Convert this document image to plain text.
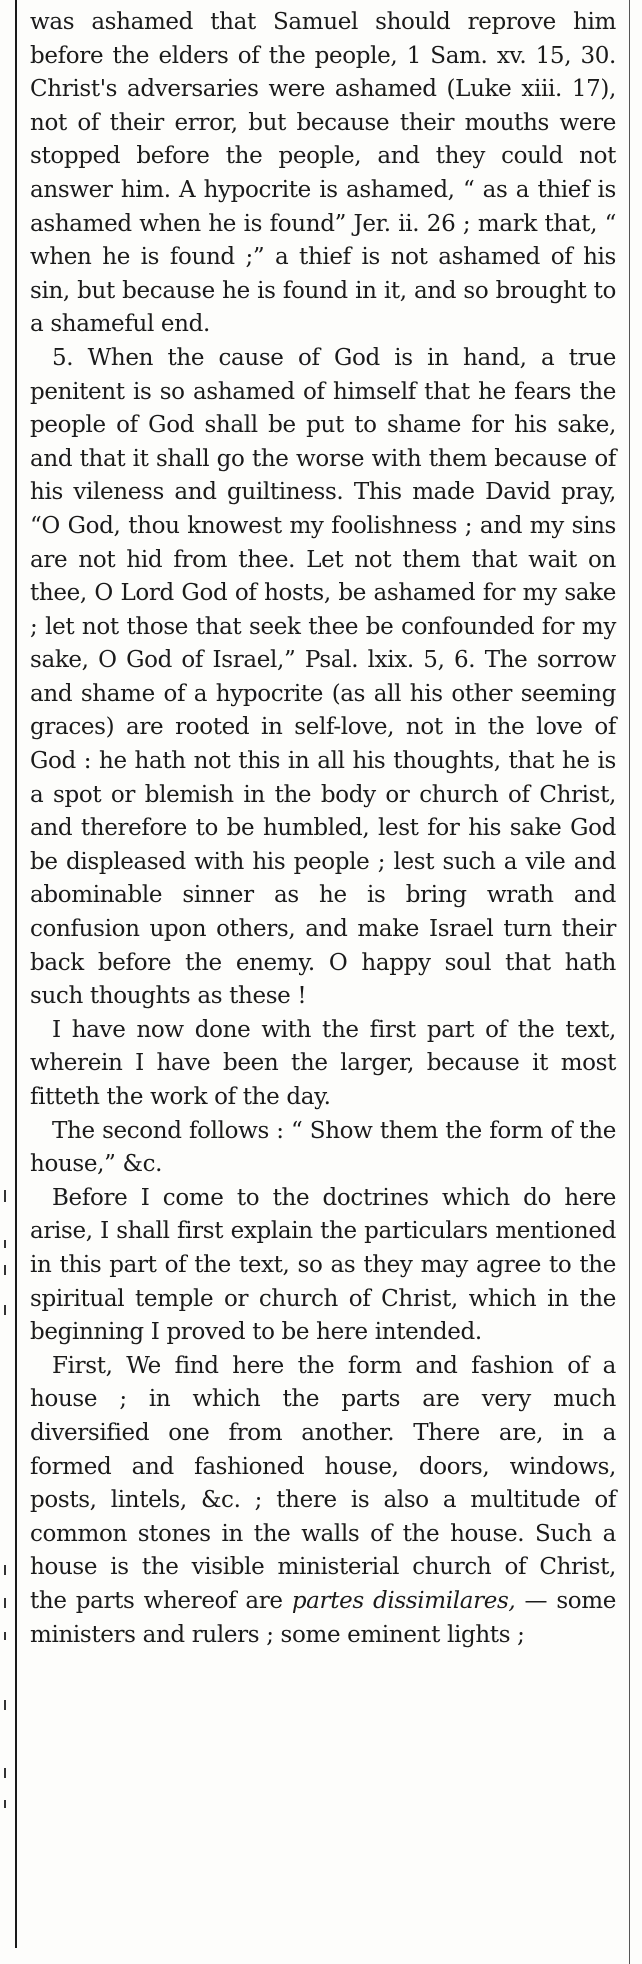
was ashamed that Samuel should reprove him before the elders of the people, 1 Sam. xv. 15, 30. Christ's adversaries were ashamed (Luke xiii. 17), not of their error, but because their mouths were stopped before the people, and they could not answer him. A hypocrite is ashamed, “ as a thief is ashamed when he is found” Jer. ii. 26 ; mark that, “ when he is found ;” a thief is not ashamed of his sin, but because he is found in it, and so brought to a shameful end.

5. When the cause of God is in hand, a true penitent is so ashamed of himself that he fears the people of God shall be put to shame for his sake, and that it shall go the worse with them because of his vileness and guiltiness. This made David pray, “O God, thou knowest my foolishness ; and my sins are not hid from thee. Let not them that wait on thee, O Lord God of hosts, be ashamed for my sake ; let not those that seek thee be confounded for my sake, O God of Israel,” Psal. lxix. 5, 6. The sorrow and shame of a hypocrite (as all his other seeming graces) are rooted in self-love, not in the love of God : he hath not this in all his thoughts, that he is a spot or blemish in the body or church of Christ, and therefore to be humbled, lest for his sake God be displeased with his people ; lest such a vile and abominable sinner as he is bring wrath and confusion upon others, and make Israel turn their back before the enemy. O happy soul that hath such thoughts as these !

I have now done with the first part of the text, wherein I have been the larger, because it most fitteth the work of the day.

The second follows : “ Show them the form of the house,” &c.

Before I come to the doctrines which do here arise, I shall first explain the particulars mentioned in this part of the text, so as they may agree to the spiritual temple or church of Christ, which in the beginning I proved to be here intended.

First, We find here the form and fashion of a house ; in which the parts are very much diversified one from another. There are, in a formed and fashioned house, doors, windows, posts, lintels, &c. ; there is also a multitude of common stones in the walls of the house. Such a house is the visible ministerial church of Christ, the parts whereof are partes dissimilares, — some ministers and rulers ; some eminent lights ;
